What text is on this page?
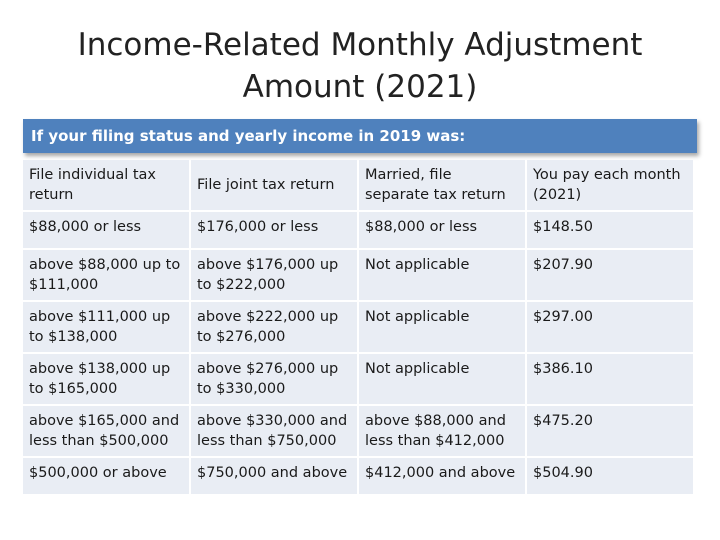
Income-Related Monthly Adjustment
Amount (2021)
If your filing status and yearly income in 2019 was:
File individual tax return	File joint tax return	Married, file separate tax return	You pay each month (2021)
$88,000 or less	$176,000 or less	$88,000 or less	$148.50
above $88,000 up to $111,000	above $176,000 up to $222,000	Not applicable	$207.90
above $111,000 up to $138,000	above $222,000 up to $276,000	Not applicable	$297.00
above $138,000 up to $165,000	above $276,000 up to $330,000	Not applicable	$386.10
above $165,000 and less than $500,000	above $330,000 and less than $750,000	above $88,000 and less than $412,000	$475.20
$500,000 or above	$750,000 and above	$412,000 and above	$504.90
